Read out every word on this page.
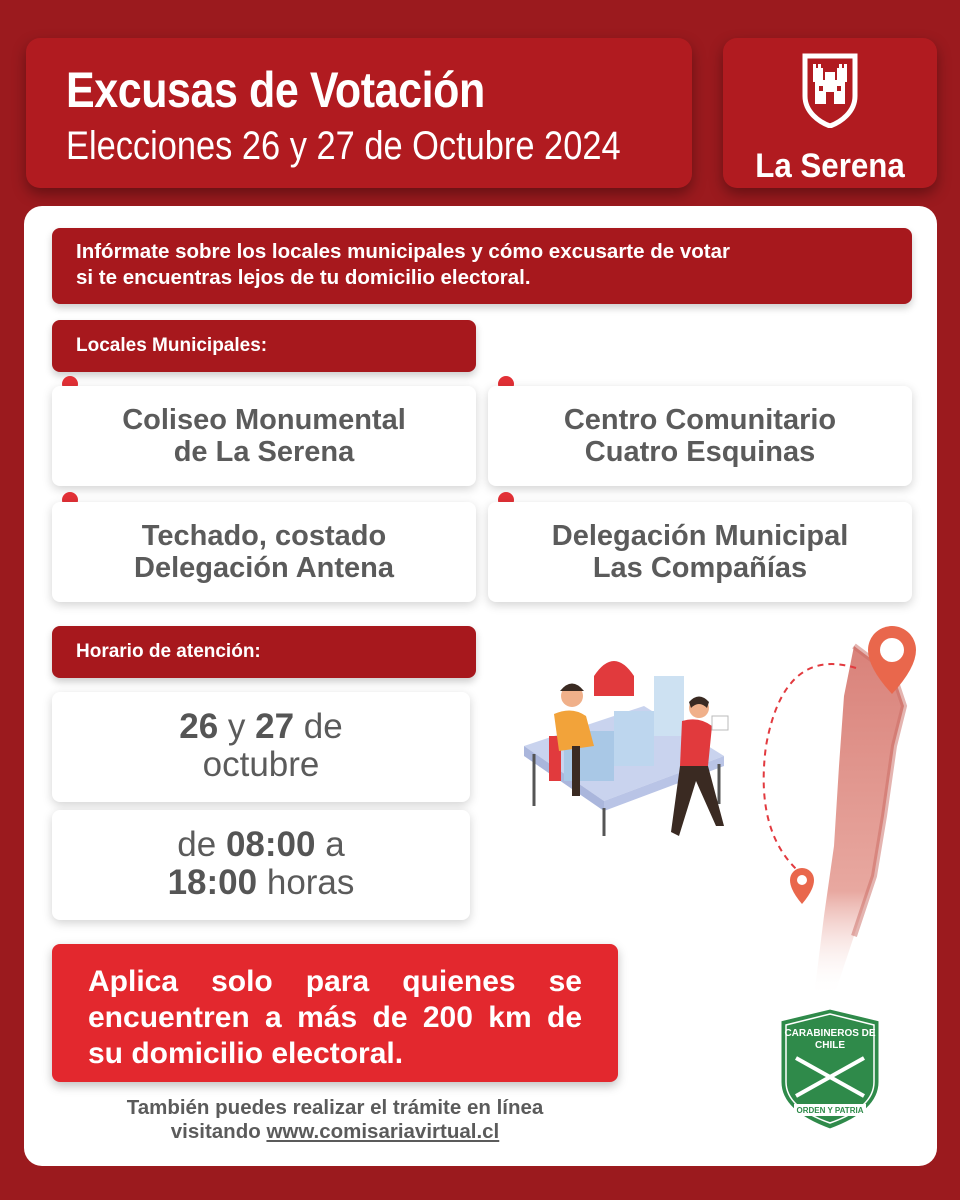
Excusas de Votación
Elecciones 26 y 27 de Octubre 2024	La Serena
Infórmate sobre los locales municipales y cómo excusarte de votar
si te encuentras lejos de tu domicilio electoral.
Locales Municipales:
Coliseo Monumental
de La Serena
Centro Comunitario
Cuatro Esquinas
Techado, costado
Delegación Antena
Delegación Municipal
Las Compañías
Horario de atención:
26 y 27 de
octubre
de 08:00 a
18:00 horas
Aplica solo para quienes se
encuentren a más de 200 km de
su domicilio electoral.
También puedes realizar el trámite en línea
visitando www.comisariavirtual.cl
CARABINEROS DE
CHILE
ORDEN Y PATRIA
